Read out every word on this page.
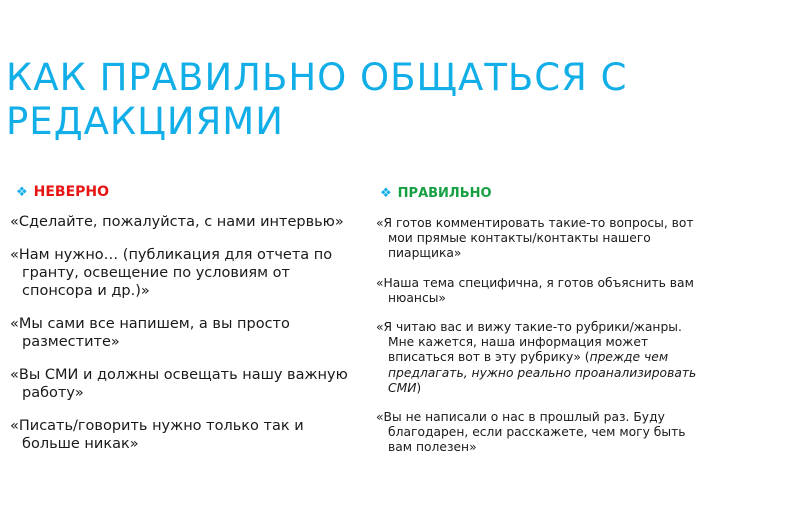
КАК ПРАВИЛЬНО ОБЩАТЬСЯ С РЕДАКЦИЯМИ
❖ НЕВЕРНО
«Сделайте, пожалуйста, с нами интервью»
«Нам нужно… (публикация для отчета по гранту, освещение по условиям от спонсора и др.)»
«Мы сами все напишем, а вы просто разместите»
«Вы СМИ и должны освещать нашу важную работу»
«Писать/говорить нужно только так и больше никак»
❖ ПРАВИЛЬНО
«Я готов комментировать такие-то вопросы, вот мои прямые контакты/контакты нашего пиарщика»
«Наша тема специфична, я готов объяснить вам нюансы»
«Я читаю вас и вижу такие-то рубрики/жанры. Мне кажется, наша информация может вписаться вот в эту рубрику» (прежде чем предлагать, нужно реально проанализировать СМИ)
«Вы не написали о нас в прошлый раз. Буду благодарен, если расскажете, чем могу быть вам полезен»
